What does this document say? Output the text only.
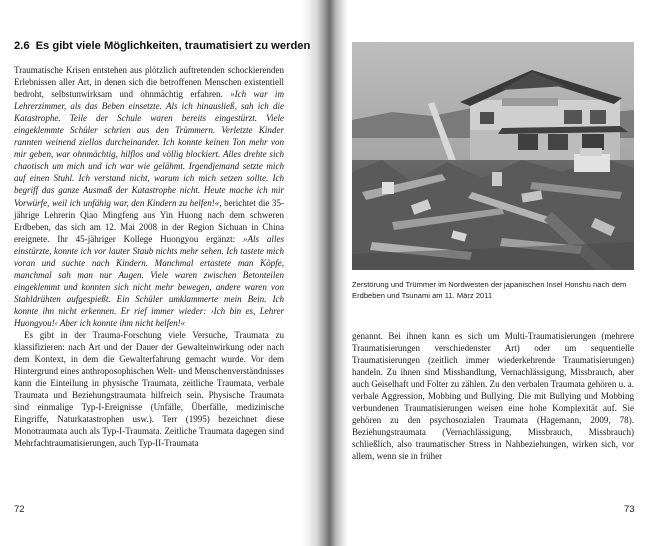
2.6 Es gibt viele Möglichkeiten, traumatisiert zu werden

Traumatische Krisen entstehen aus plötzlich auftretenden schockierenden Erlebnissen aller Art, in denen sich die betroffenen Menschen existentiell bedroht, selbstunwirksam und ohnmächtig erfahren. »Ich war im Lehrerzimmer, als das Beben einsetzte. Als ich hinausließ, sah ich die Katastrophe. Teile der Schule waren bereits eingestürzt. Viele eingeklemmte Schüler schrien aus den Trümmern. Verletzte Kinder rannten weinend ziellos durcheinander. Ich konnte keinen Ton mehr von mir geben, war ohnmächtig, hilflos und völlig blockiert. Alles drehte sich chaotisch um mich und ich war wie gelähmt. Irgendjemand setzte mich auf einen Stuhl. Ich verstand nicht, warum ich mich setzen sollte. Ich begriff das ganze Ausmaß der Katastrophe nicht. Heute mache ich mir Vorwürfe, weil ich unfähig war, den Kindern zu helfen!«, berichtet die 35-jährige Lehrerin Qiao Mingfeng aus Yin Huong nach dem schweren Erdbeben, das sich am 12. Mai 2008 in der Region Sichuan in China ereignete. Ihr 45-jähriger Kollege Huongyou ergänzt: »Als alles einstürzte, konnte ich vor lauter Staub nichts mehr sehen. Ich tastete mich voran und suchte nach Kindern. Manchmal ertastete man Köpfe, manchmal sah man nur Augen. Viele waren zwischen Betonteilen eingeklemmt und konnten sich nicht mehr bewegen, andere waren von Stahldrähten aufgespießt. Ein Schüler umklammerte mein Bein. Ich konnte ihn nicht erkennen. Er rief immer wieder: ›Ich bin es, Lehrer Huongyou!‹ Aber ich konnte ihm nicht helfen!«

Es gibt in der Trauma-Forschung viele Versuche, Traumata zu klassifizieren: nach Art und der Dauer der Gewalteinwirkung oder nach dem Kontext, in dem die Gewalterfahrung gemacht wurde. Vor dem Hintergrund eines anthroposophischen Welt- und Menschenverständnisses kann die Einteilung in physische Traumata, zeitliche Traumata, verbale Traumata und Beziehungstraumata hilfreich sein. Physische Traumata sind einmalige Typ-I-Ereignisse (Unfälle, Überfälle, medizinische Eingriffe, Naturkatastrophen usw.). Terr (1995) bezeichnet diese Monotraumata auch als Typ-I-Traumata. Zeitliche Traumata dagegen sind Mehrfachtraumatisierungen, auch Typ-II-Traumata

72
Zerstörung und Trümmer im Nordwesten der japanischen Insel Honshu nach dem Erdbeben und Tsunami am 11. März 2011
genannt. Bei ihnen kann es sich um Multi-Traumatisierungen (mehrere Traumatisierungen verschiedenster Art) oder um sequentielle Traumatisierungen (zeitlich immer wiederkehrende Traumatisierungen) handeln. Zu ihnen sind Misshandlung, Vernachlässigung, Missbrauch, aber auch Geiselhaft und Folter zu zählen. Zu den verbalen Traumata gehören u. a. verbale Aggression, Mobbing und Bullying. Die mit Bullying und Mobbing verbundenen Traumatisierungen weisen eine hohe Komplexität auf. Sie gehören zu den psychosozialen Traumata (Hagemann, 2009, 78). Beziehungstraumata (Vernachlässigung, Missbrauch, Missbrauch) schließlich, also traumatischer Stress in Nahbeziehungen, wirken sich, vor allem, wenn sie in früher
73
